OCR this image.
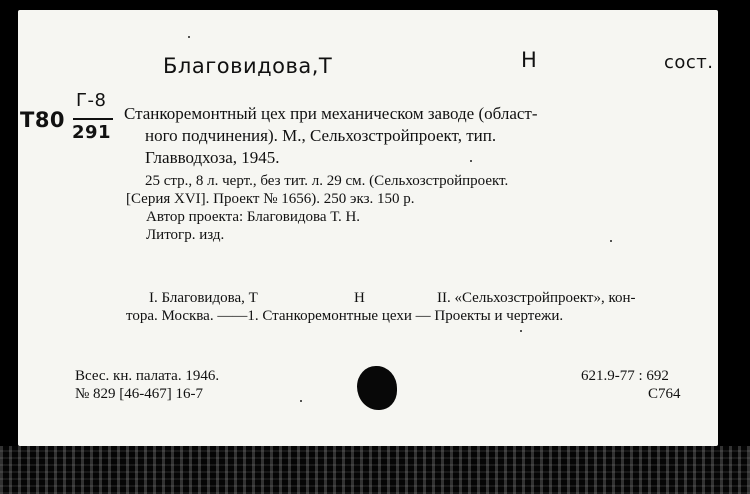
Благовидова,Т	Н	сост.
Т80
Г-8
291
Станкоремонтный цех при механическом заводе (област-
ного подчинения). М., Сельхозстройпроект, тип.
Главводхоза, 1945.
25 стр., 8 л. черт., без тит. л. 29 см. (Сельхозстройпроект.
[Серия XVI]. Проект № 1656). 250 экз. 150 р.
Автор проекта: Благовидова Т. Н.
Литогр. изд.
I. Благовидова, Т	Н	II. «Сельхозстройпроект», кон-
тора. Москва. ——1. Станкоремонтные цехи — Проекты и чертежи.
Всес. кн. палата. 1946.
№ 829 [46-467] 16-7
621.9-77 : 692
С764
